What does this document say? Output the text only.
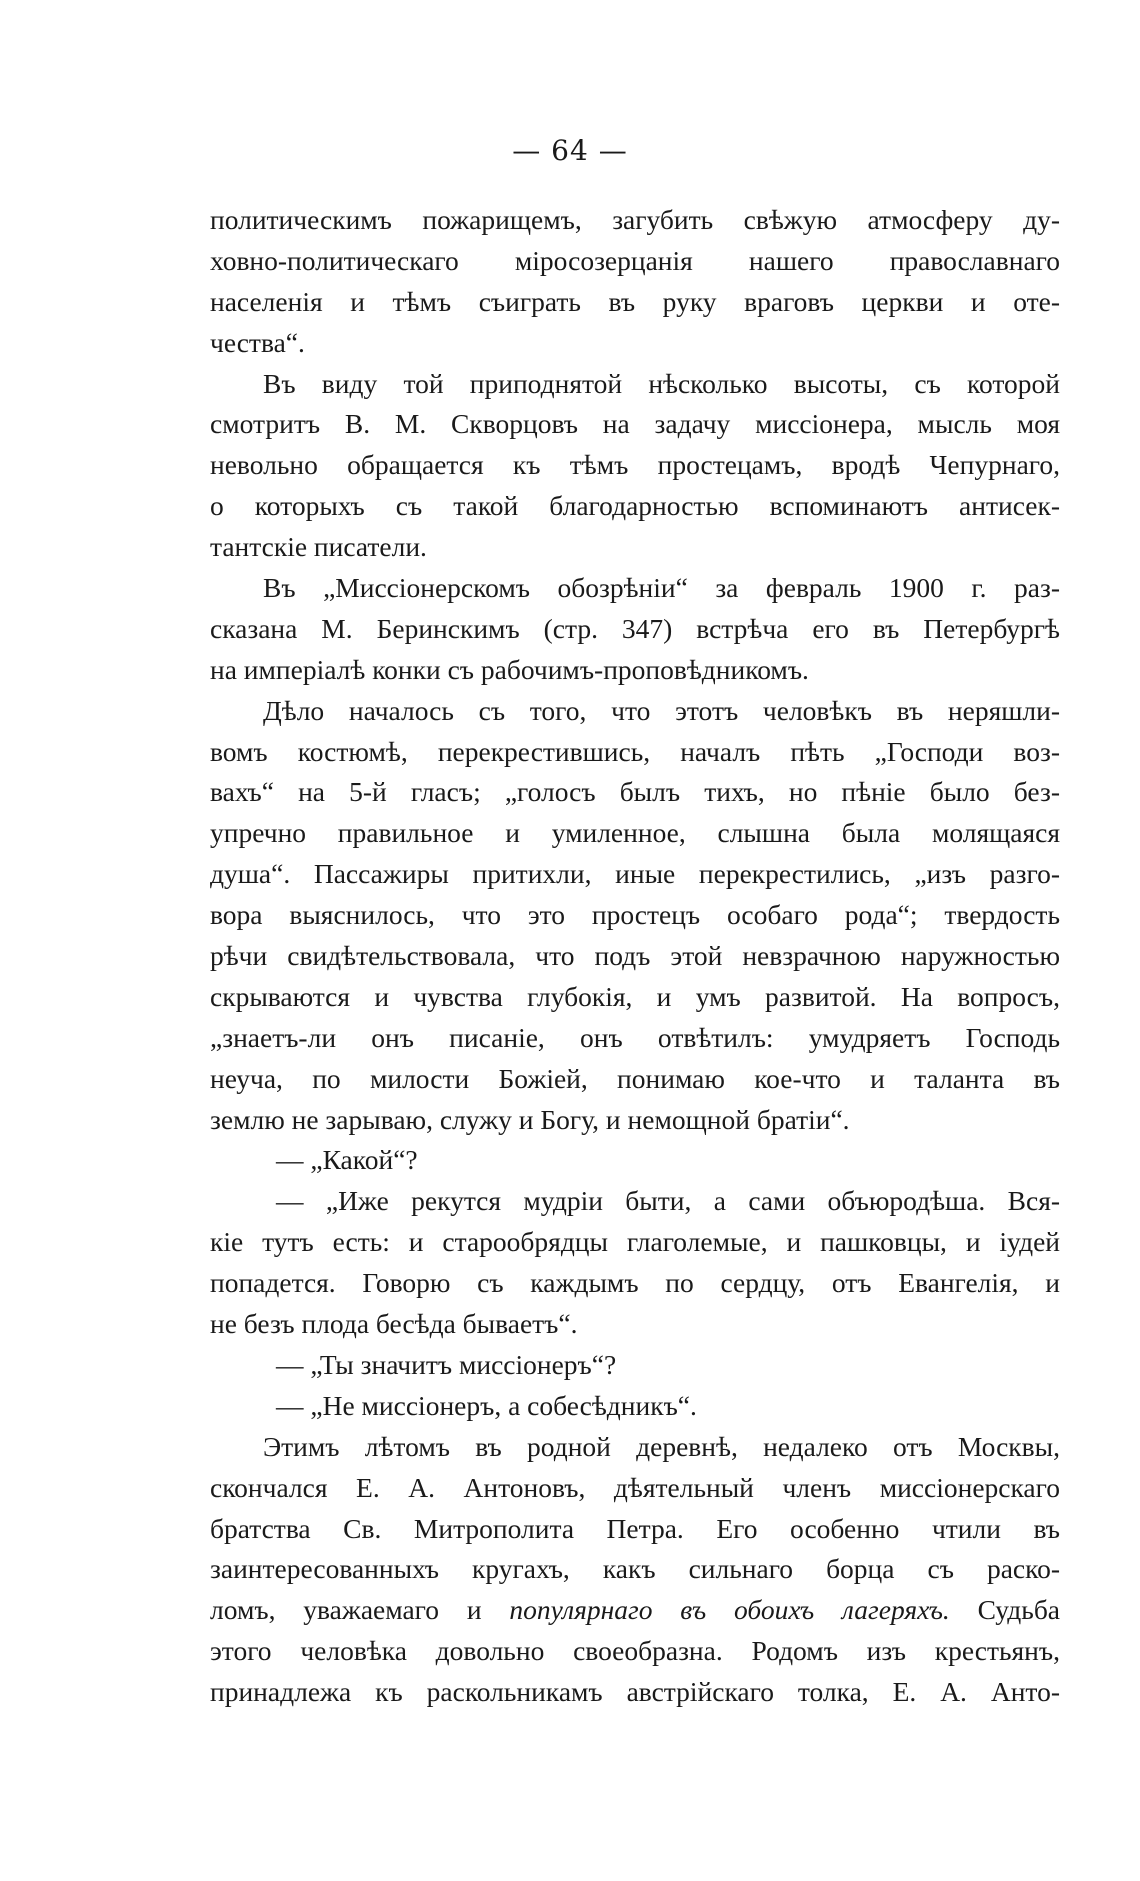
— 64 —
политическимъ пожарищемъ, загубить свѣжую атмосферу ду-
ховно-политическаго міросозерцанія нашего православнаго
населенія и тѣмъ съиграть въ руку враговъ церкви и оте-
чества“.
Въ виду той приподнятой нѣсколько высоты, съ которой
смотритъ В. М. Скворцовъ на задачу миссіонера, мысль моя
невольно обращается къ тѣмъ простецамъ, вродѣ Чепурнаго,
о которыхъ съ такой благодарностью вспоминаютъ антисек-
тантскіе писатели.
Въ „Миссіонерскомъ обозрѣніи“ за февраль 1900 г. раз-
сказана М. Беринскимъ (стр. 347) встрѣча его въ Петербургѣ
на имперіалѣ конки съ рабочимъ-проповѣдникомъ.
Дѣло началось съ того, что этотъ человѣкъ въ неряшли-
вомъ костюмѣ, перекрестившись, началъ пѣть „Господи воз-
вахъ“ на 5-й гласъ; „голосъ былъ тихъ, но пѣніе было без-
упречно правильное и умиленное, слышна была молящаяся
душа“. Пассажиры притихли, иные перекрестились, „изъ разго-
вора выяснилось, что это простецъ особаго рода“; твердость
рѣчи свидѣтельствовала, что подъ этой невзрачною наружностью
скрываются и чувства глубокія, и умъ развитой. На вопросъ,
„знаетъ-ли онъ писаніе, онъ отвѣтилъ: умудряетъ Господь
неуча, по милости Божіей, понимаю кое-что и таланта въ
землю не зарываю, служу и Богу, и немощной братіи“.
— „Какой“?
— „Иже рекутся мудріи быти, а сами объюродѣша. Вся-
кіе тутъ есть: и старообрядцы глаголемые, и пашковцы, и іудей
попадется. Говорю съ каждымъ по сердцу, отъ Евангелія, и
не безъ плода бесѣда бываетъ“.
— „Ты значитъ миссіонеръ“?
— „Не миссіонеръ, а собесѣдникъ“.
Этимъ лѣтомъ въ родной деревнѣ, недалеко отъ Москвы,
скончался Е. А. Антоновъ, дѣятельный членъ миссіонерскаго
братства Св. Митрополита Петра. Его особенно чтили въ
заинтересованныхъ кругахъ, какъ сильнаго борца съ раско-
ломъ, уважаемаго и популярнаго въ обоихъ лагеряхъ. Судьба
этого человѣка довольно своеобразна. Родомъ изъ крестьянъ,
принадлежа къ раскольникамъ австрійскаго толка, Е. А. Анто-
